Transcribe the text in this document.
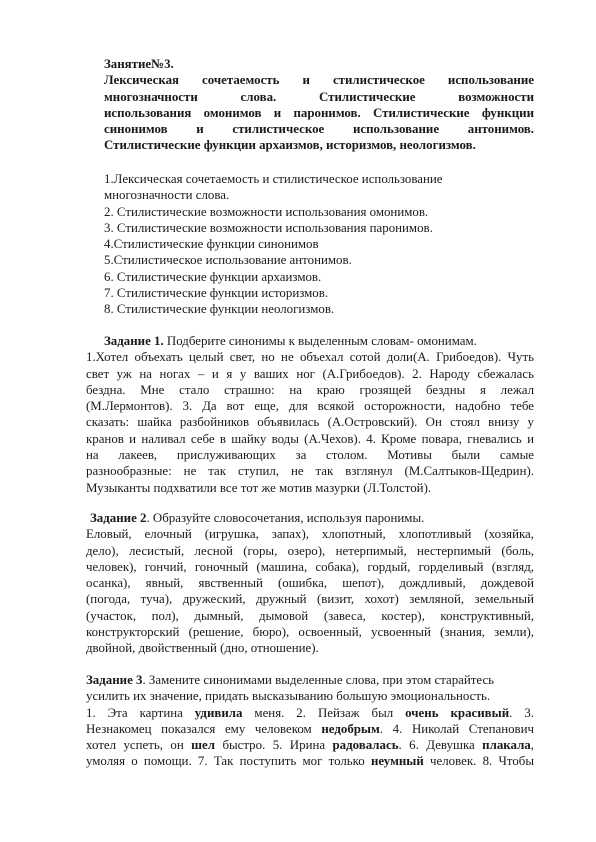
Занятие№3.
Лексическая сочетаемость и стилистическое использование
многозначности слова. Стилистические возможности
использования омонимов и паронимов. Стилистические функции
синонимов и стилистическое использование антонимов.
Стилистические функции архаизмов, историзмов, неологизмов.
1.Лексическая сочетаемость и стилистическое использование
многозначности слова.
2. Стилистические возможности использования омонимов.
3. Стилистические возможности использования паронимов.
4.Стилистические функции синонимов
5.Стилистическое использование антонимов.
6. Стилистические функции архаизмов.
7. Стилистические функции историзмов.
8. Стилистические функции неологизмов.
Задание 1. Подберите синонимы к выделенным словам- омонимам.
1.Хотел объехать целый свет, но не объехал сотой доли(А. Грибоедов). Чуть
свет уж на ногах – и я у ваших ног (А.Грибоедов). 2. Народу сбежалась
бездна. Мне стало страшно: на краю грозящей бездны я лежал
(М.Лермонтов). 3. Да вот еще, для всякой осторожности, надобно тебе
сказать: шайка разбойников объявилась (А.Островский). Он стоял внизу у
кранов и наливал себе в шайку воды (А.Чехов). 4. Кроме повара, гневались и
на лакеев, прислуживающих за столом. Мотивы были самые
разнообразные: не так ступил, не так взглянул (М.Салтыков-Щедрин).
Музыканты подхватили все тот же мотив мазурки (Л.Толстой).
Задание 2. Образуйте словосочетания, используя паронимы.
Еловый, елочный (игрушка, запах), хлопотный, хлопотливый (хозяйка,
дело), лесистый, лесной (горы, озеро), нетерпимый, нестерпимый (боль,
человек), гончий, гоночный (машина, собака), гордый, горделивый (взгляд,
осанка), явный, явственный (ошибка, шепот), дождливый, дождевой
(погода, туча), дружеский, дружный (визит, хохот) земляной, земельный
(участок, пол), дымный, дымовой (завеса, костер), конструктивный,
конструкторский (решение, бюро), освоенный, усвоенный (знания, земли),
двойной, двойственный (дно, отношение).
Задание 3. Замените синонимами выделенные слова, при этом старайтесь
усилить их значение, придать высказыванию большую эмоциональность.
1. Эта картина удивила меня. 2. Пейзаж был очень красивый. 3.
Незнакомец показался ему человеком недобрым. 4. Николай Степанович
хотел успеть, он шел быстро. 5. Ирина радовалась. 6. Девушка плакала,
умоляя о помощи. 7. Так поступить мог только неумный человек. 8. Чтобы
